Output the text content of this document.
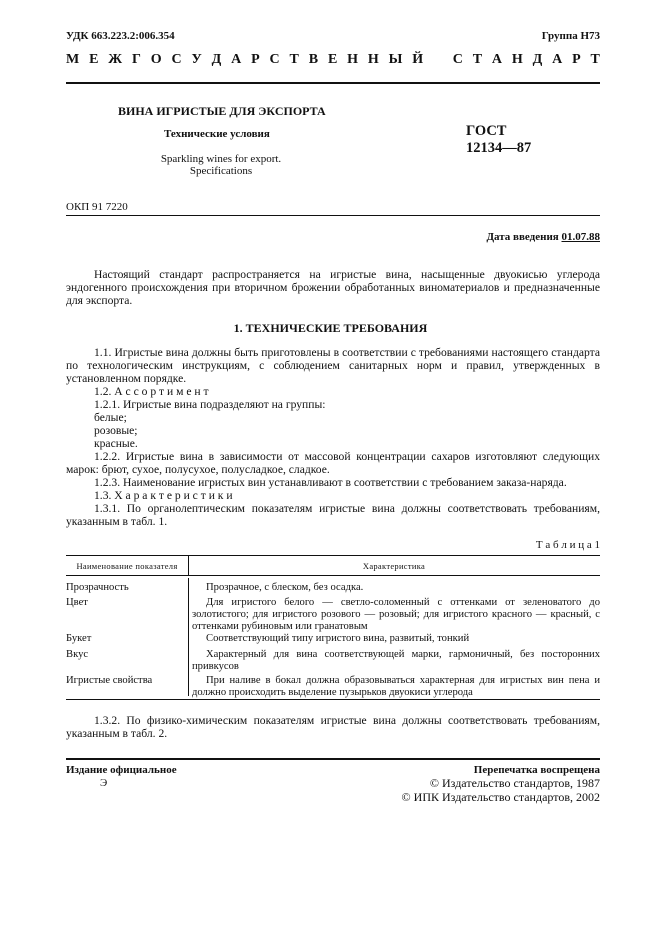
УДК 663.223.2:006.354	Группа Н73
М Е Ж Г О С У Д А Р С Т В Е Н Н Ы Й С Т А Н Д А Р Т
ВИНА ИГРИСТЫЕ ДЛЯ ЭКСПОРТА
Технические условия
Sparkling wines for export.
Specifications
ГОСТ
12134—87
ОКП 91 7220
Дата введения 01.07.88
Настоящий стандарт распространяется на игристые вина, насыщенные двуокисью углерода эндогенного происхождения при вторичном брожении обработанных виноматериалов и предназначенные для экспорта.
1. ТЕХНИЧЕСКИЕ ТРЕБОВАНИЯ
1.1. Игристые вина должны быть приготовлены в соответствии с требованиями настоящего стандарта по технологическим инструкциям, с соблюдением санитарных норм и правил, утвержденных в установленном порядке.
1.2. А с с о р т и м е н т
1.2.1. Игристые вина подразделяют на группы:
белые;
розовые;
красные.
1.2.2. Игристые вина в зависимости от массовой концентрации сахаров изготовляют следующих марок: брют, сухое, полусухое, полусладкое, сладкое.
1.2.3. Наименование игристых вин устанавливают в соответствии с требованием заказа-наряда.
1.3. Х а р а к т е р и с т и к и
1.3.1. По органолептическим показателям игристые вина должны соответствовать требованиям, указанным в табл. 1.
Т а б л и ц а 1
Наименование показателя	Характеристика
Прозрачность	Прозрачное, с блеском, без осадка.
Цвет	Для игристого белого — светло-соломенный с оттенками от зеленоватого до золотистого; для игристого розового — розовый; для игристого красного — красный, с оттенками рубиновым или гранатовым
Букет	Соответствующий типу игристого вина, развитый, тонкий
Вкус	Характерный для вина соответствующей марки, гармоничный, без посторонних привкусов
Игристые свойства	При наливе в бокал должна образовываться характерная для игристых вин пена и должно происходить выделение пузырьков двуокиси углерода
1.3.2. По физико-химическим показателям игристые вина должны соответствовать требованиям, указанным в табл. 2.
Издание официальное
Э
Перепечатка воспрещена
© Издательство стандартов, 1987
© ИПК Издательство стандартов, 2002
